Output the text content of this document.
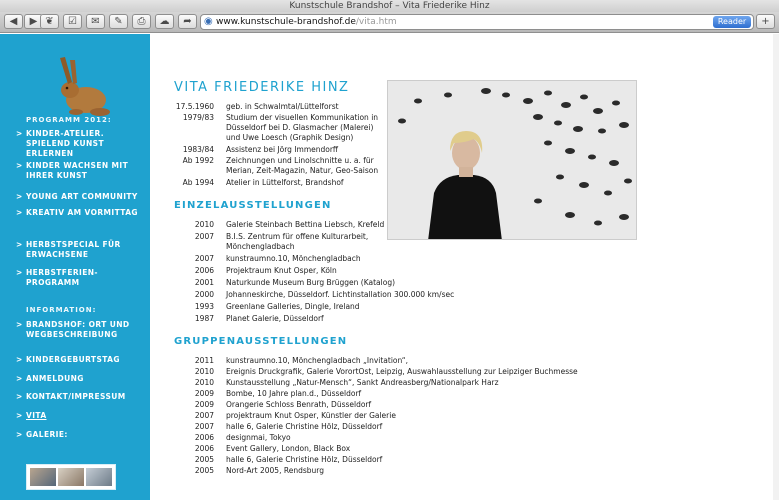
Kunstschule Brandshof – Vita Friederike Hinz
◀	▶ ❦	☑	✉	✎	⎙	☁	➦	◉ www.kunstschule-brandshof.de/vita.htm	Reader	+
PROGRAMM 2012:
> KINDER-ATELIER. SPIELEND KUNST ERLERNEN
> KINDER WACHSEN MIT IHRER KUNST
> YOUNG ART COMMUNITY
> KREATIV AM VORMITTAG
> HERBSTSPECIAL FÜR ERWACHSENE
> HERBSTFERIEN-PROGRAMM
INFORMATION:
> BRANDSHOF: ORT UND WEGBESCHREIBUNG
> KINDERGEBURTSTAG
> ANMELDUNG
> KONTAKT/IMPRESSUM
> VITA
> GALERIE:
VITA FRIEDERIKE HINZ
17.5.1960	geb. in Schwalmtal/Lüttelforst
1979/83	Studium der visuellen Kommunikation in Düsseldorf bei D. Glasmacher (Malerei) und Uwe Loesch (Graphik Design)
1983/84	Assistenz bei Jörg Immendorff
Ab 1992	Zeichnungen und Linolschnitte u. a. für Merian, Zeit-Magazin, Natur, Geo-Saison
Ab 1994	Atelier in Lüttelforst, Brandshof
EINZELAUSSTELLUNGEN
2010	Galerie Steinbach Bettina Liebsch, Krefeld
2007	B.I.S. Zentrum für offene Kulturarbeit, Mönchengladbach
2007	kunstraumno.10, Mönchengladbach
2006	Projektraum Knut Osper, Köln
2001	Naturkunde Museum Burg Brüggen (Katalog)
2000	Johanneskirche, Düsseldorf. Lichtinstallation 300.000 km/sec
1993	Greenlane Galleries, Dingle, Ireland
1987	Planet Galerie, Düsseldorf
GRUPPENAUSSTELLUNGEN
2011	kunstraumno.10, Mönchengladbach „Invitation“,
2010	Ereignis Druckgrafik, Galerie VorortOst, Leipzig, Auswahlausstellung zur Leipziger Buchmesse
2010	Kunstausstellung „Natur-Mensch“, Sankt Andreasberg/Nationalpark Harz
2009	Bombe, 10 Jahre plan.d., Düsseldorf
2009	Orangerie Schloss Benrath, Düsseldorf
2007	projektraum Knut Osper, Künstler der Galerie
2007	halle 6, Galerie Christine Hölz, Düsseldorf
2006	designmai, Tokyo
2006	Event Gallery, London, Black Box
2005	halle 6, Galerie Christine Hölz, Düsseldorf
2005	Nord-Art 2005, Rendsburg
